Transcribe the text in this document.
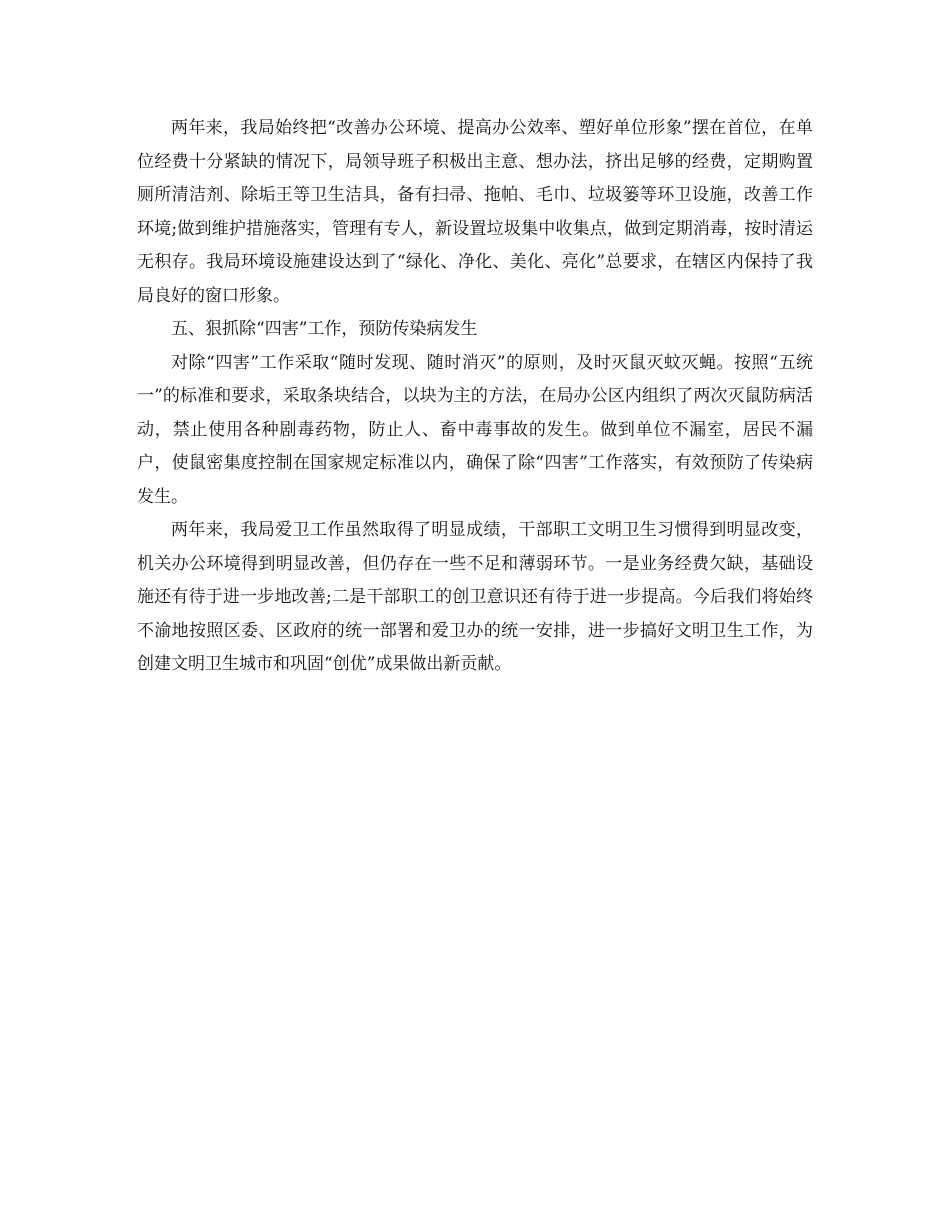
两年来，我局始终把“改善办公环境、提高办公效率、塑好单位形象”摆在首位，在单位经费十分紧缺的情况下，局领导班子积极出主意、想办法，挤出足够的经费，定期购置厕所清洁剂、除垢王等卫生洁具，备有扫帚、拖帕、毛巾、垃圾篓等环卫设施，改善工作环境;做到维护措施落实，管理有专人，新设置垃圾集中收集点，做到定期消毒，按时清运无积存。我局环境设施建设达到了“绿化、净化、美化、亮化”总要求，在辖区内保持了我局良好的窗口形象。

五、狠抓除“四害”工作，预防传染病发生

对除“四害”工作采取“随时发现、随时消灭”的原则，及时灭鼠灭蚊灭蝇。按照“五统一”的标准和要求，采取条块结合，以块为主的方法，在局办公区内组织了两次灭鼠防病活动，禁止使用各种剧毒药物，防止人、畜中毒事故的发生。做到单位不漏室，居民不漏户，使鼠密集度控制在国家规定标准以内，确保了除“四害”工作落实，有效预防了传染病发生。

两年来，我局爱卫工作虽然取得了明显成绩，干部职工文明卫生习惯得到明显改变，机关办公环境得到明显改善，但仍存在一些不足和薄弱环节。一是业务经费欠缺，基础设施还有待于进一步地改善;二是干部职工的创卫意识还有待于进一步提高。今后我们将始终不渝地按照区委、区政府的统一部署和爱卫办的统一安排，进一步搞好文明卫生工作，为创建文明卫生城市和巩固“创优”成果做出新贡献。
